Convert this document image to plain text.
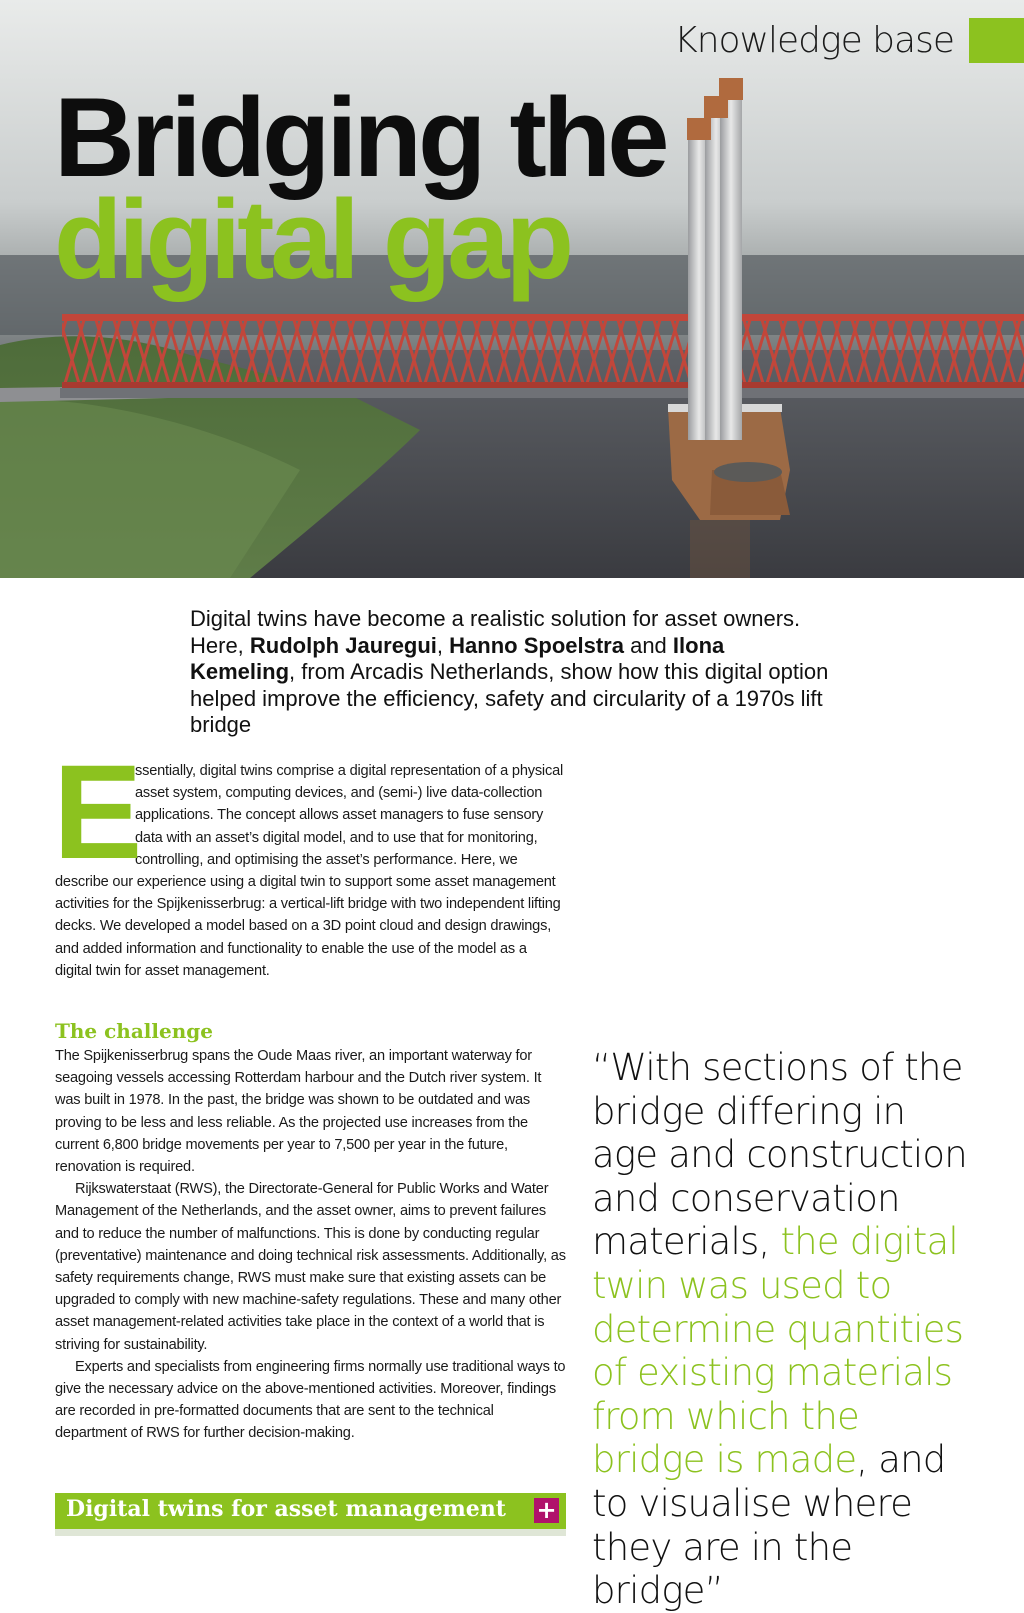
Knowledge base
Bridging the
digital gap
Digital twins have become a realistic solution for asset owners. Here, Rudolph Jauregui, Hanno Spoelstra and Ilona Kemeling, from Arcadis Netherlands, show how this digital option helped improve the efficiency, safety and circularity of a 1970s lift bridge
E

ssentially, digital twins comprise a digital representation of a physical asset system, computing devices, and (semi-) live data-collection applications. The concept allows asset managers to fuse sensory data with an asset’s digital model, and to use that for monitoring, controlling, and optimising the asset’s performance. Here, we describe our experience using a digital twin to support some asset management activities for the Spijkenisserbrug: a vertical-lift bridge with two independent lifting decks. We developed a model based on a 3D point cloud and design drawings, and added information and functionality to enable the use of the model as a digital twin for asset management.

The challenge

The Spijkenisserbrug spans the Oude Maas river, an important waterway for seagoing vessels accessing Rotterdam harbour and the Dutch river system. It was built in 1978. In the past, the bridge was shown to be outdated and was proving to be less and less reliable. As the projected use increases from the current 6,800 bridge movements per year to 7,500 per year in the future, renovation is required.

Rijkswaterstaat (RWS), the Directorate-General for Public Works and Water Management of the Netherlands, and the asset owner, aims to prevent failures and to reduce the number of malfunctions. This is done by conducting regular (preventative) maintenance and doing technical risk assessments. Additionally, as safety requirements change, RWS must make sure that existing assets can be upgraded to comply with new machine-safety regulations. These and many other asset management-related activities take place in the context of a world that is striving for sustainability.

Experts and specialists from engineering firms normally use traditional ways to give the necessary advice on the above-mentioned activities. Moreover, findings are recorded in pre-formatted documents that are sent to the technical department of RWS for further decision-making.

“With sections of the bridge differing in age and construction and conservation materials, the digital twin was used to determine quantities of existing materials from which the bridge is made, and to visualise where they are in the bridge”
Digital twins for asset management +
